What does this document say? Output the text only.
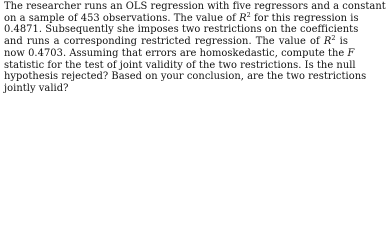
The researcher runs an OLS regression with five regressors and a constant
on a sample of 453 observations. The value of $R^2$ for this regression is
0.4871. Subsequently she imposes two restrictions on the coefficients
and runs a corresponding restricted regression. The value of $R^2$ is
now 0.4703. Assuming that errors are homoskedastic, compute the F
statistic for the test of joint validity of the two restrictions. Is the null
hypothesis rejected? Based on your conclusion, are the two restrictions
jointly valid?
